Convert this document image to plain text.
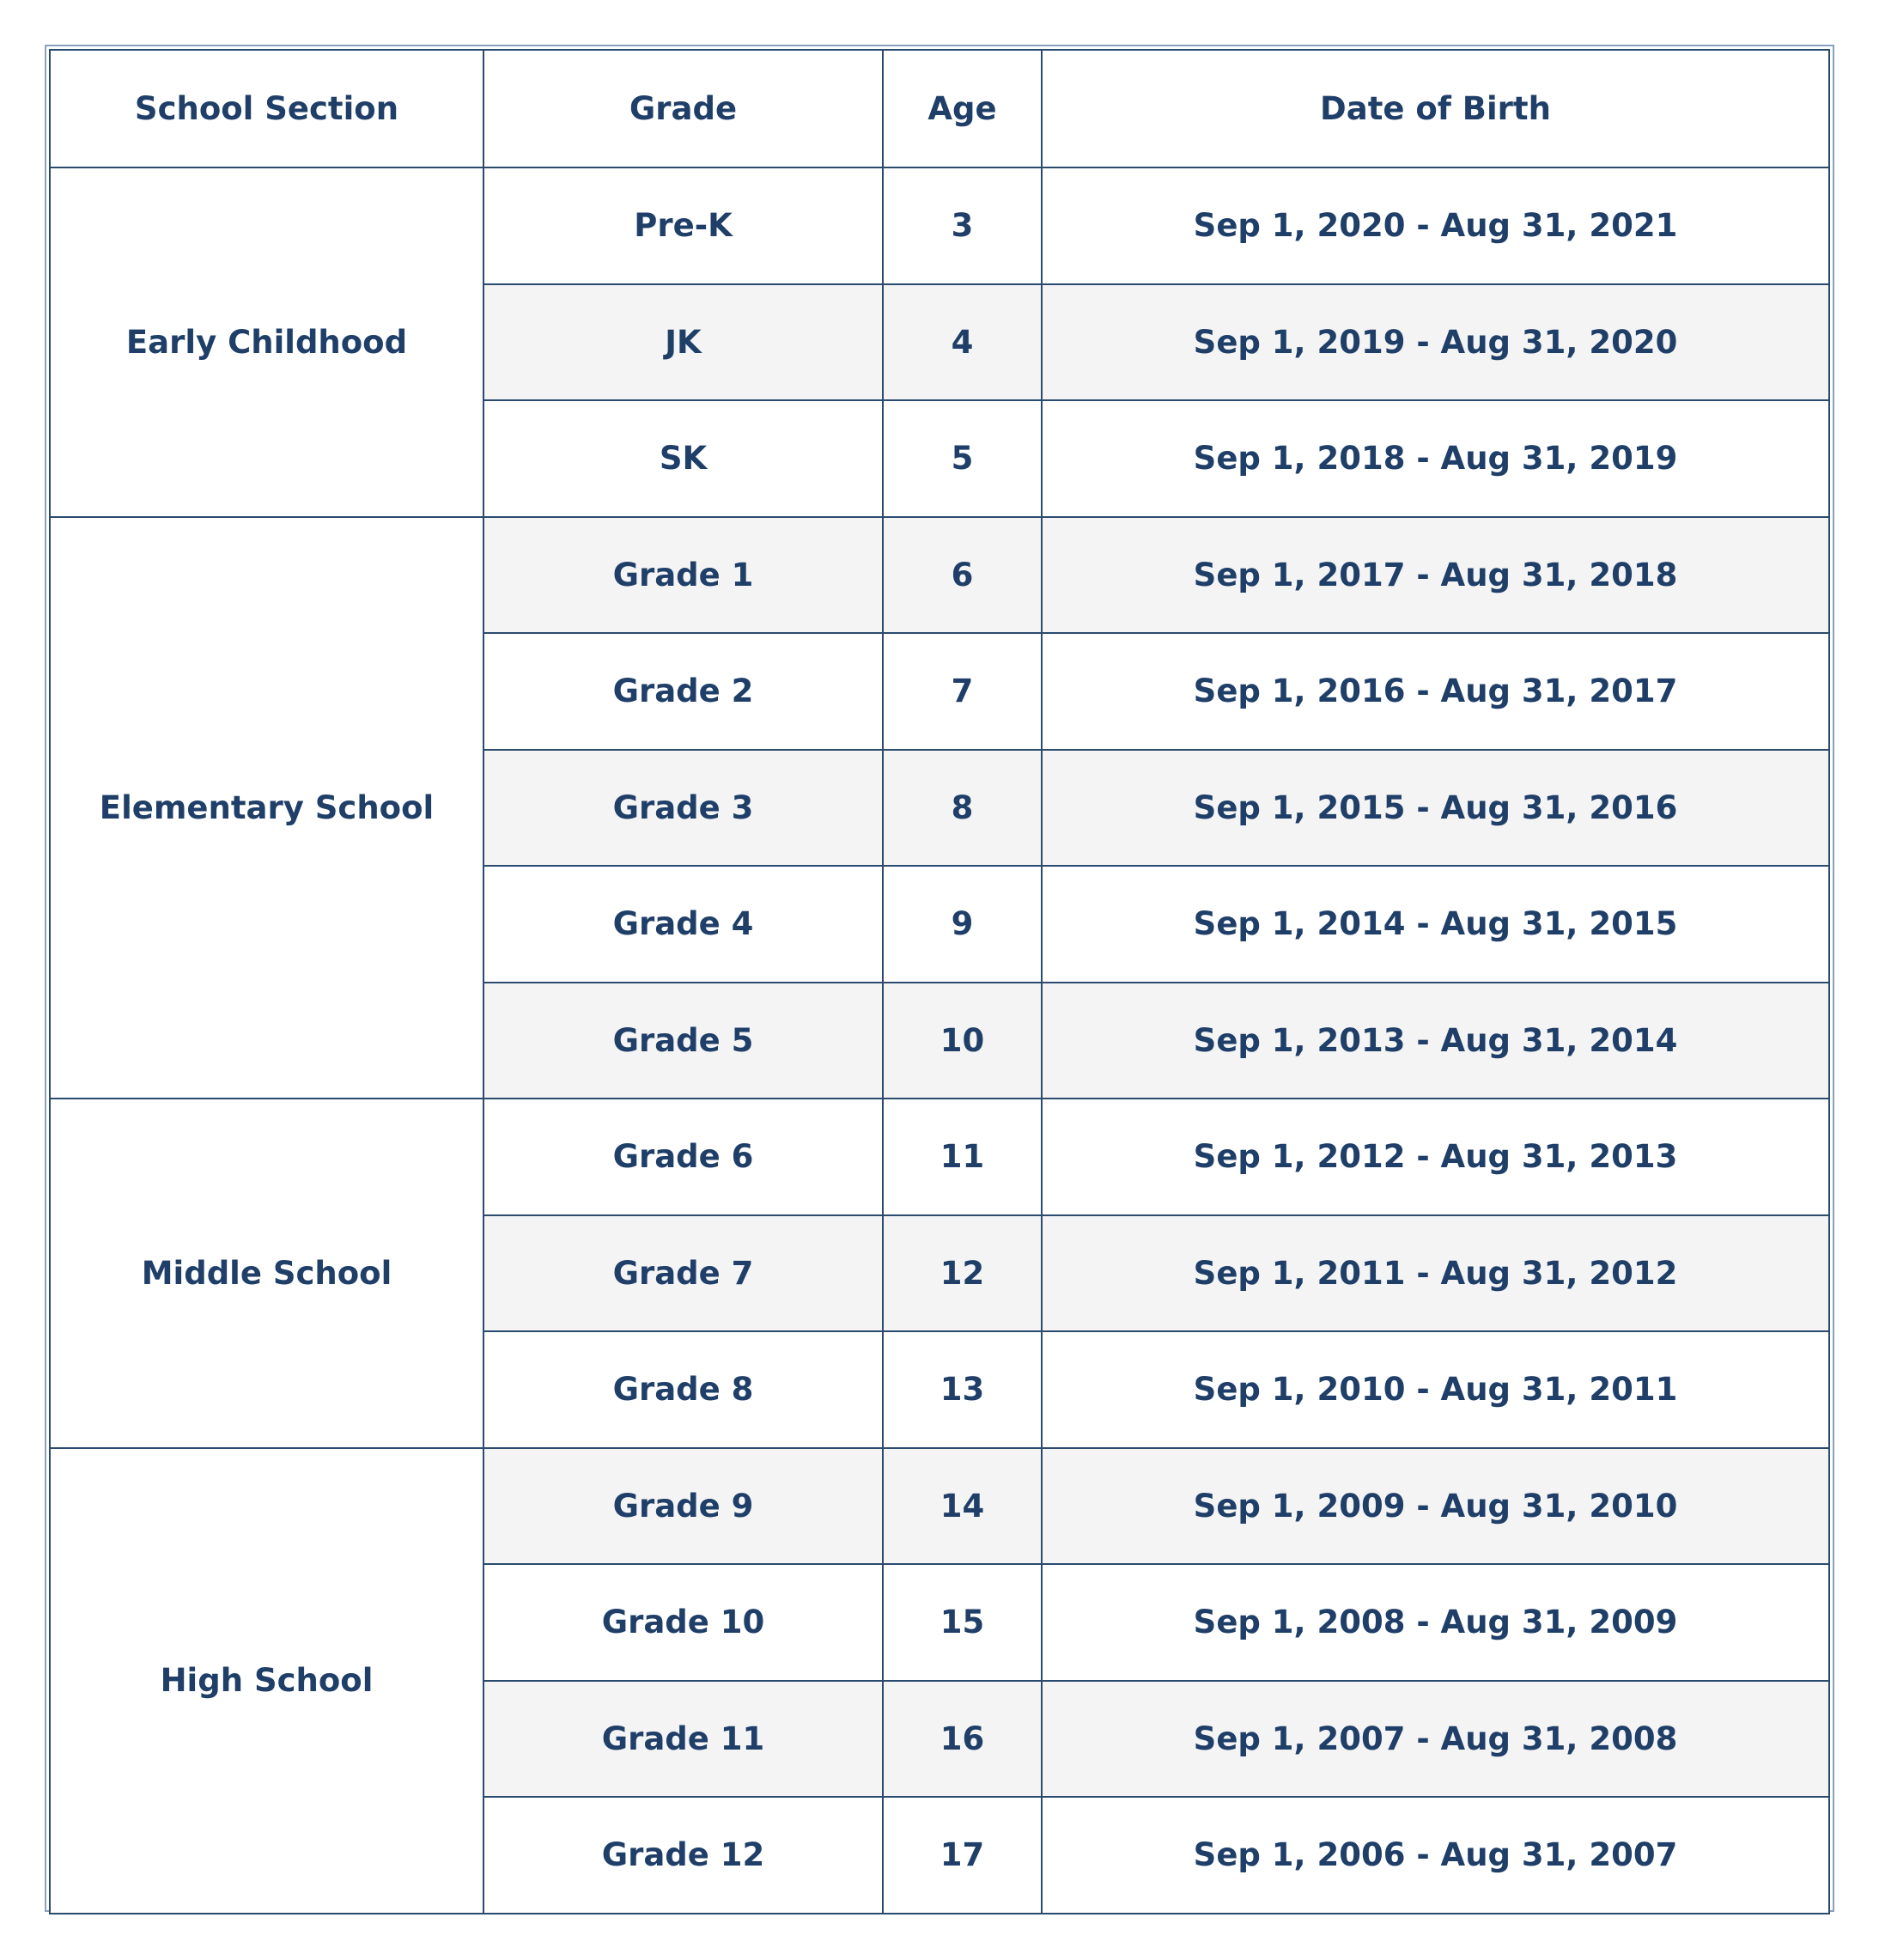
School Section	Grade	Age	Date of Birth
Early Childhood	Pre-K	3	Sep 1, 2020 - Aug 31, 2021
	JK	4	Sep 1, 2019 - Aug 31, 2020
	SK	5	Sep 1, 2018 - Aug 31, 2019
Elementary School	Grade 1	6	Sep 1, 2017 - Aug 31, 2018
	Grade 2	7	Sep 1, 2016 - Aug 31, 2017
	Grade 3	8	Sep 1, 2015 - Aug 31, 2016
	Grade 4	9	Sep 1, 2014 - Aug 31, 2015
	Grade 5	10	Sep 1, 2013 - Aug 31, 2014
Middle School	Grade 6	11	Sep 1, 2012 - Aug 31, 2013
	Grade 7	12	Sep 1, 2011 - Aug 31, 2012
	Grade 8	13	Sep 1, 2010 - Aug 31, 2011
High School	Grade 9	14	Sep 1, 2009 - Aug 31, 2010
	Grade 10	15	Sep 1, 2008 - Aug 31, 2009
	Grade 11	16	Sep 1, 2007 - Aug 31, 2008
	Grade 12	17	Sep 1, 2006 - Aug 31, 2007
